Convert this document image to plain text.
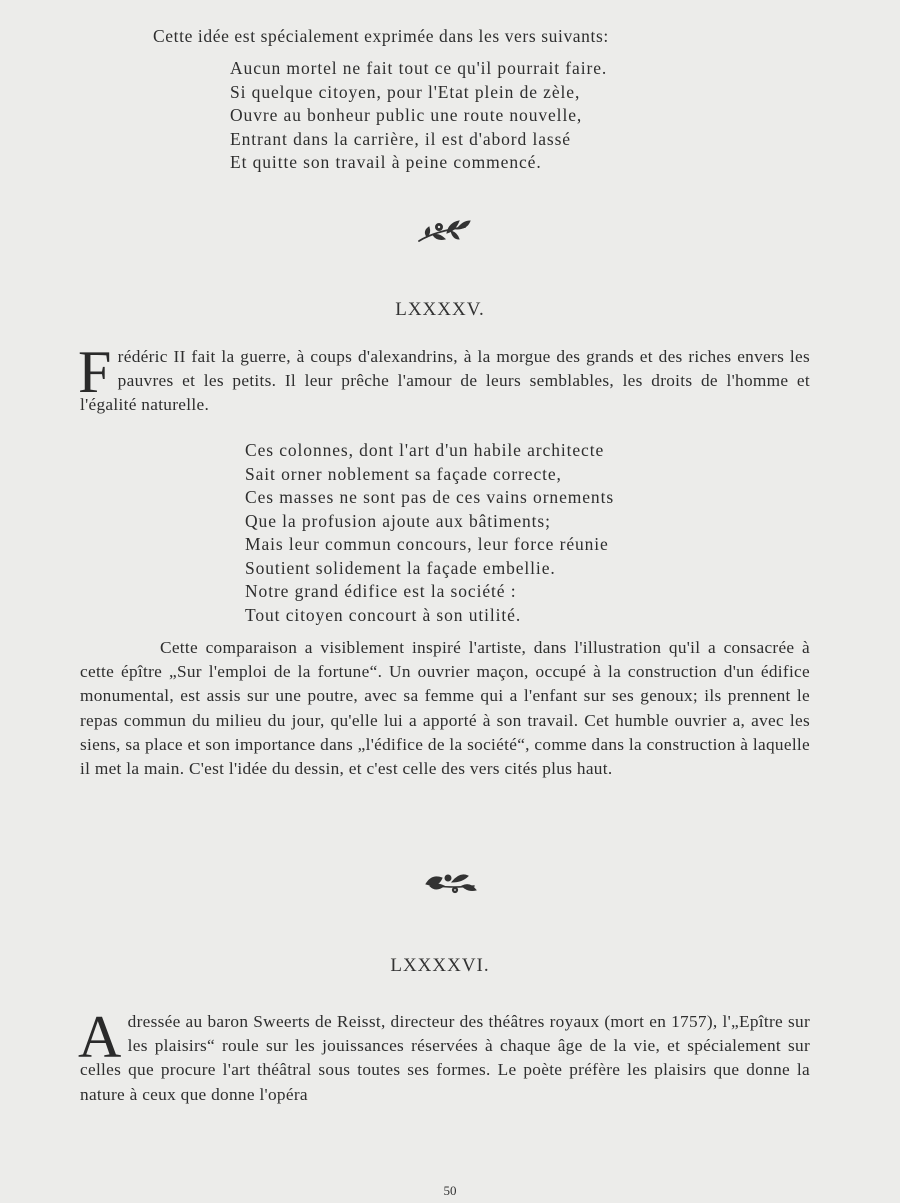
Cette idée est spécialement exprimée dans les vers suivants:
Aucun mortel ne fait tout ce qu'il pourrait faire.
Si quelque citoyen, pour l'Etat plein de zèle,
Ouvre au bonheur public une route nouvelle,
Entrant dans la carrière, il est d'abord lassé
Et quitte son travail à peine commencé.
LXXXXV.
Frédéric II fait la guerre, à coups d'alexandrins, à la morgue des grands et des riches envers les pauvres et les petits. Il leur prêche l'amour de leurs semblables, les droits de l'homme et l'égalité naturelle.
Ces colonnes, dont l'art d'un habile architecte
Sait orner noblement sa façade correcte,
Ces masses ne sont pas de ces vains ornements
Que la profusion ajoute aux bâtiments;
Mais leur commun concours, leur force réunie
Soutient solidement la façade embellie.
Notre grand édifice est la société :
Tout citoyen concourt à son utilité.
Cette comparaison a visiblement inspiré l'artiste, dans l'illustration qu'il a consacrée à cette épître „Sur l'emploi de la fortune“. Un ouvrier maçon, occupé à la construction d'un édifice monumental, est assis sur une poutre, avec sa femme qui a l'enfant sur ses genoux; ils prennent le repas commun du milieu du jour, qu'elle lui a apporté à son travail. Cet humble ouvrier a, avec les siens, sa place et son importance dans „l'édifice de la société“, comme dans la construction à laquelle il met la main. C'est l'idée du dessin, et c'est celle des vers cités plus haut.
LXXXXVI.
Adressée au baron Sweerts de Reisst, directeur des théâtres royaux (mort en 1757), l'„Epître sur les plaisirs“ roule sur les jouissances réservées à chaque âge de la vie, et spécialement sur celles que procure l'art théâtral sous toutes ses formes. Le poète préfère les plaisirs que donne la nature à ceux que donne l'opéra
50
